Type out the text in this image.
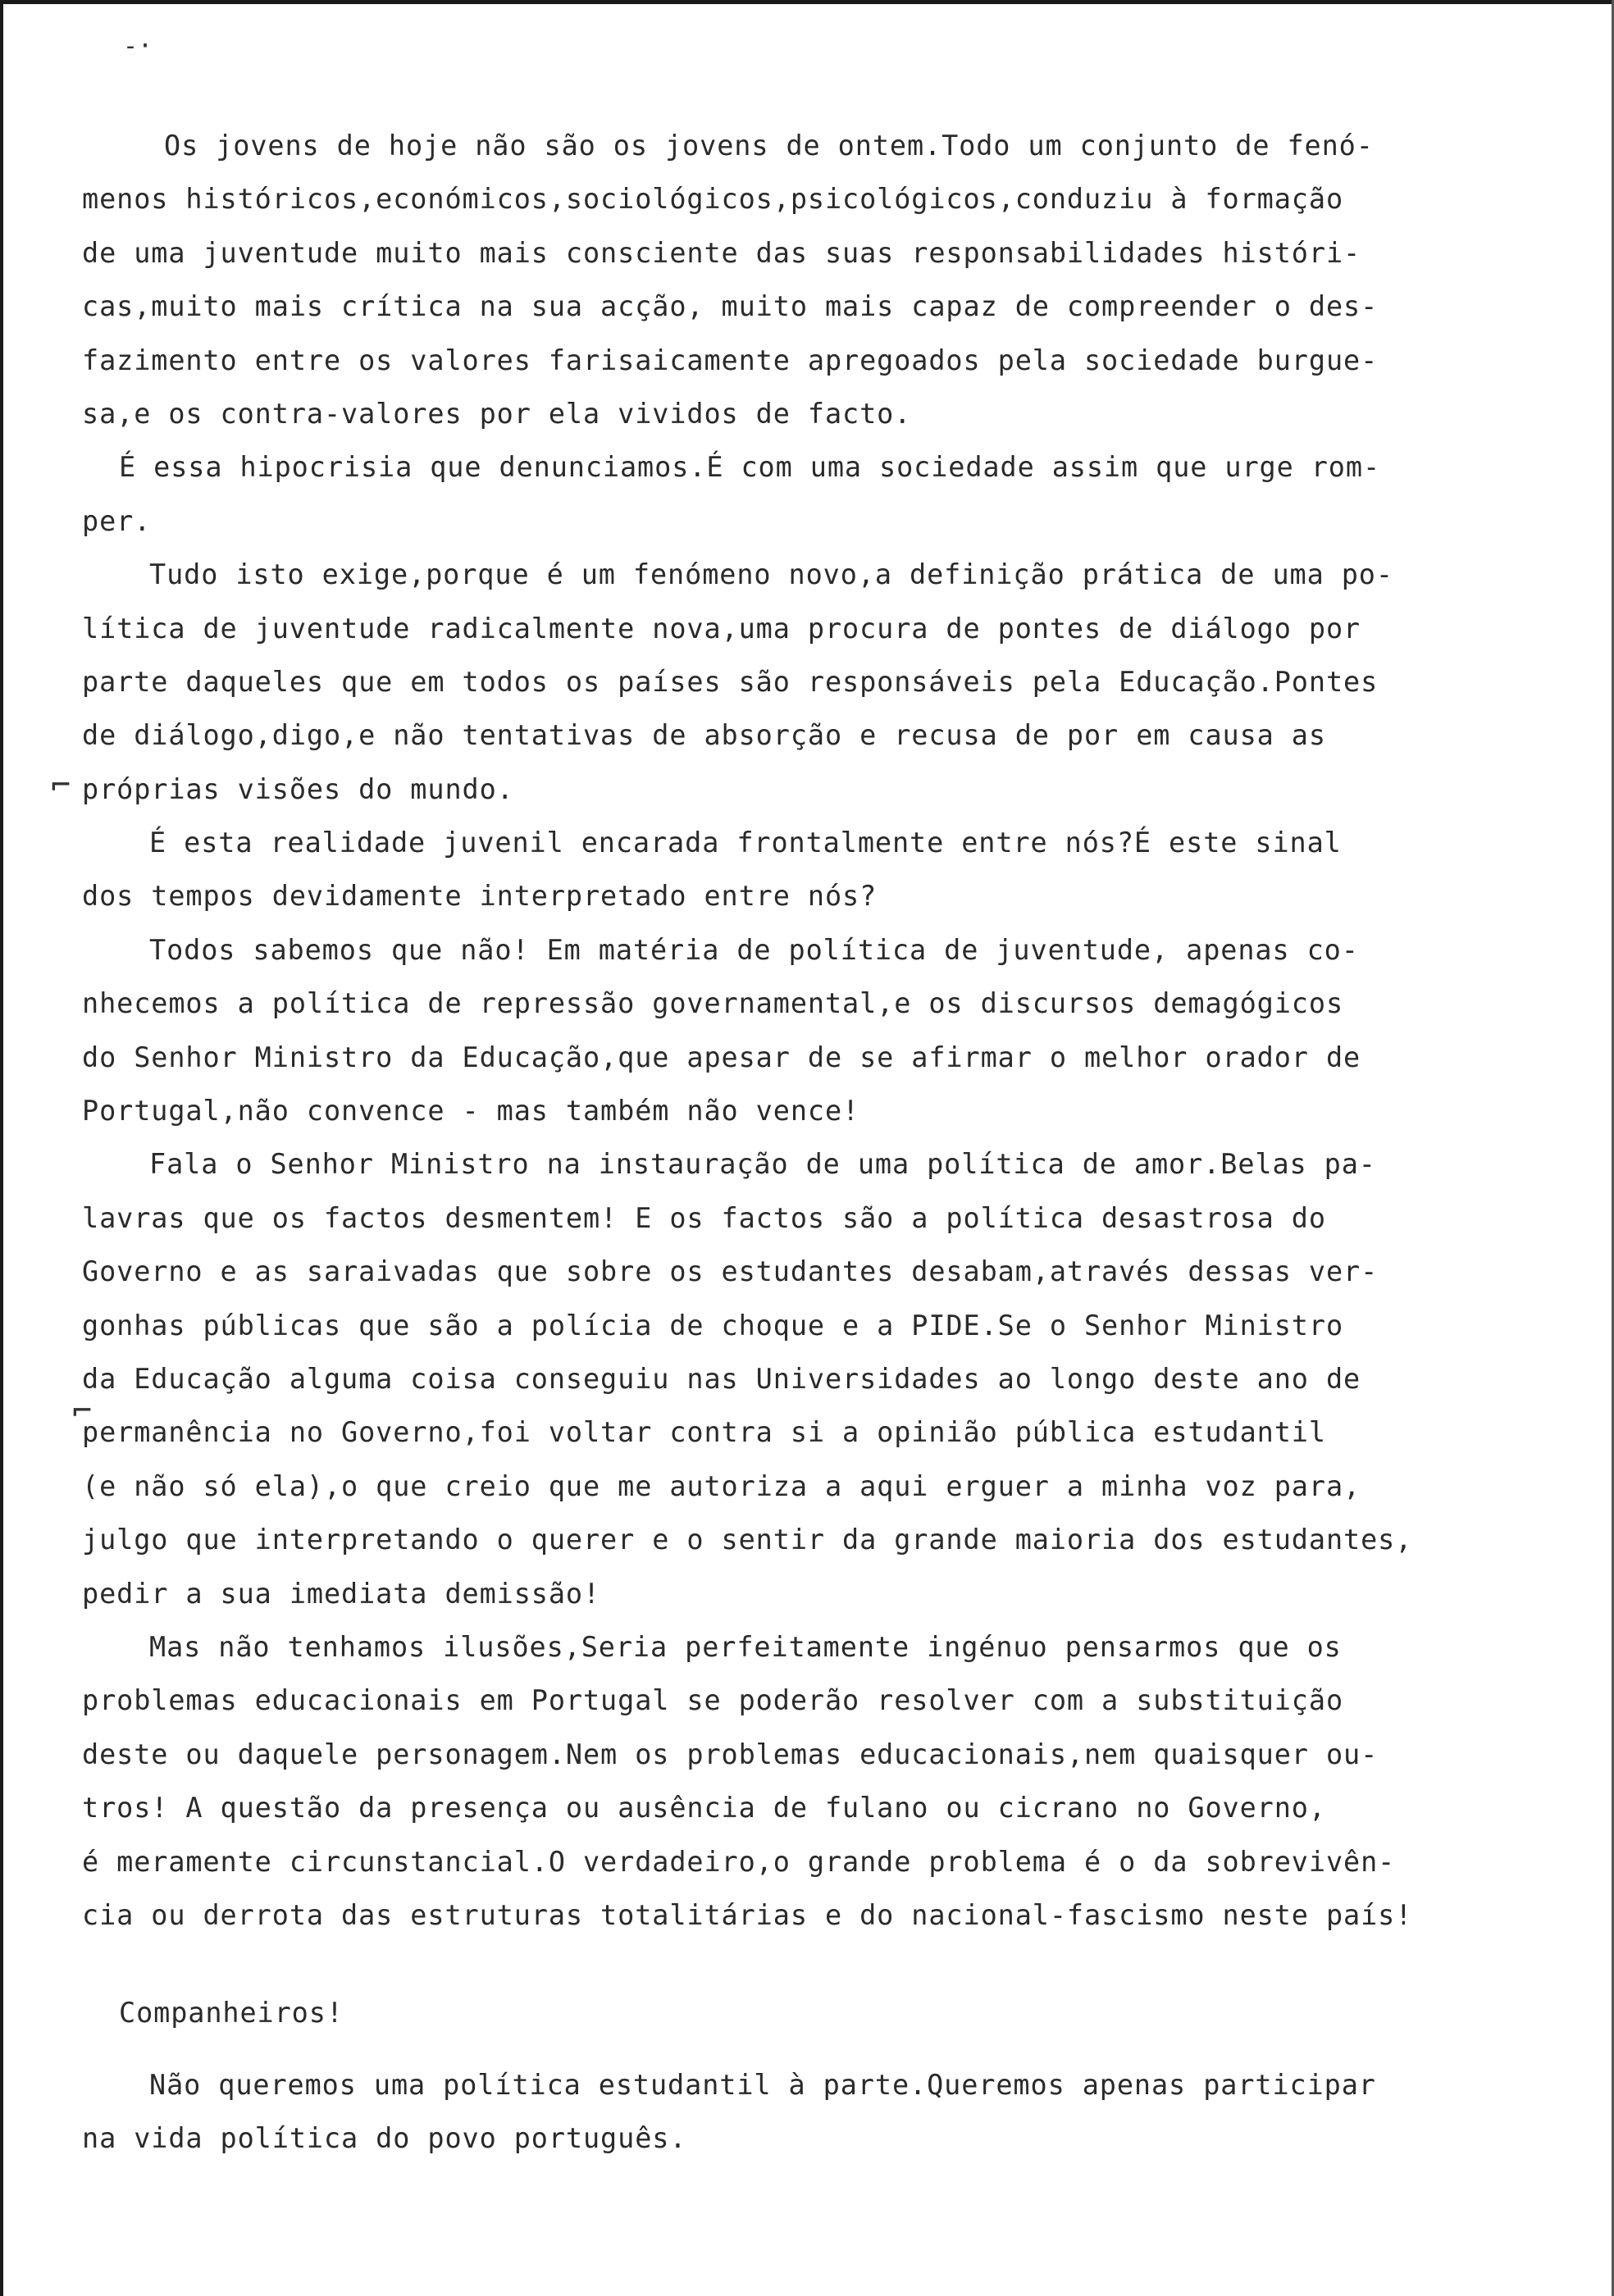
-·
⌐
⌐
Os jovens de hoje não são os jovens de ontem.Todo um conjunto de fenó-
menos históricos,económicos,sociológicos,psicológicos,conduziu à formação
de uma juventude muito mais consciente das suas responsabilidades históri-
cas,muito mais crítica na sua acção, muito mais capaz de compreender o des-
fazimento entre os valores farisaicamente apregoados pela sociedade burgue-
sa,e os contra-valores por ela vividos de facto.
É essa hipocrisia que denunciamos.É com uma sociedade assim que urge rom-
per.
Tudo isto exige,porque é um fenómeno novo,a definição prática de uma po-
lítica de juventude radicalmente nova,uma procura de pontes de diálogo por
parte daqueles que em todos os países são responsáveis pela Educação.Pontes
de diálogo,digo,e não tentativas de absorção e recusa de por em causa as
próprias visões do mundo.
É esta realidade juvenil encarada frontalmente entre nós?É este sinal
dos tempos devidamente interpretado entre nós?
Todos sabemos que não! Em matéria de política de juventude, apenas co-
nhecemos a política de repressão governamental,e os discursos demagógicos
do Senhor Ministro da Educação,que apesar de se afirmar o melhor orador de
Portugal,não convence - mas também não vence!
Fala o Senhor Ministro na instauração de uma política de amor.Belas pa-
lavras que os factos desmentem! E os factos são a política desastrosa do
Governo e as saraivadas que sobre os estudantes desabam,através dessas ver-
gonhas públicas que são a polícia de choque e a PIDE.Se o Senhor Ministro
da Educação alguma coisa conseguiu nas Universidades ao longo deste ano de
permanência no Governo,foi voltar contra si a opinião pública estudantil
(e não só ela),o que creio que me autoriza a aqui erguer a minha voz para,
julgo que interpretando o querer e o sentir da grande maioria dos estudantes,
pedir a sua imediata demissão!
Mas não tenhamos ilusões,Seria perfeitamente ingénuo pensarmos que os
problemas educacionais em Portugal se poderão resolver com a substituição
deste ou daquele personagem.Nem os problemas educacionais,nem quaisquer ou-
tros! A questão da presença ou ausência de fulano ou cicrano no Governo,
é meramente circunstancial.O verdadeiro,o grande problema é o da sobrevivên-
cia ou derrota das estruturas totalitárias e do nacional-fascismo neste país!
Companheiros!
Não queremos uma política estudantil à parte.Queremos apenas participar
na vida política do povo português.
